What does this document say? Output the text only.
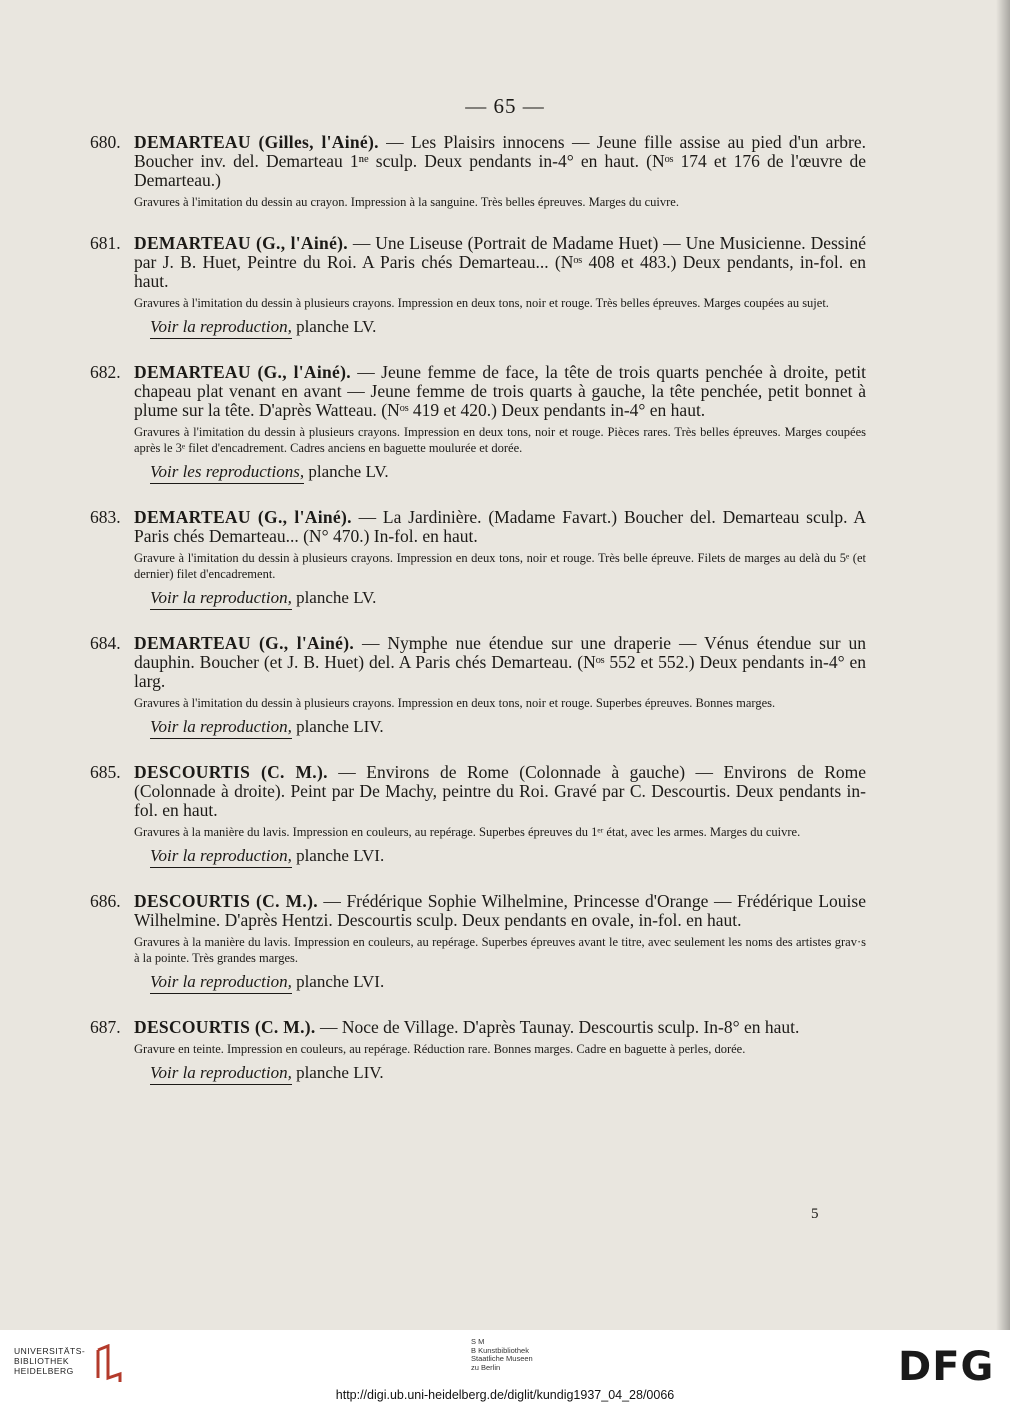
— 65 —

680. DEMARTEAU (Gilles, l'Ainé). — Les Plaisirs innocens — Jeune fille assise au pied d'un arbre. Boucher inv. del. Demarteau 1ⁿᵉ sculp. Deux pendants in-4° en haut. (Nᵒˢ 174 et 176 de l'œuvre de Demarteau.)

Gravures à l'imitation du dessin au crayon. Impression à la sanguine. Très belles épreuves. Marges du cuivre.

681. DEMARTEAU (G., l'Ainé). — Une Liseuse (Portrait de Madame Huet) — Une Musicienne. Dessiné par J. B. Huet, Peintre du Roi. A Paris chés Demarteau... (Nᵒˢ 408 et 483.) Deux pendants, in-fol. en haut.

Gravures à l'imitation du dessin à plusieurs crayons. Impression en deux tons, noir et rouge. Très belles épreuves. Marges coupées au sujet.
Voir la reproduction, planche LV.

682. DEMARTEAU (G., l'Ainé). — Jeune femme de face, la tête de trois quarts penchée à droite, petit chapeau plat venant en avant — Jeune femme de trois quarts à gauche, la tête penchée, petit bonnet à plume sur la tête. D'après Watteau. (Nᵒˢ 419 et 420.) Deux pendants in-4° en haut.

Gravures à l'imitation du dessin à plusieurs crayons. Impression en deux tons, noir et rouge. Pièces rares. Très belles épreuves. Marges coupées après le 3ᵉ filet d'encadrement. Cadres anciens en baguette moulurée et dorée.
Voir les reproductions, planche LV.

683. DEMARTEAU (G., l'Ainé). — La Jardinière. (Madame Favart.) Boucher del. Demarteau sculp. A Paris chés Demarteau... (N° 470.) In-fol. en haut.

Gravure à l'imitation du dessin à plusieurs crayons. Impression en deux tons, noir et rouge. Très belle épreuve. Filets de marges au delà du 5ᵉ (et dernier) filet d'encadrement.
Voir la reproduction, planche LV.

684. DEMARTEAU (G., l'Ainé). — Nymphe nue étendue sur une draperie — Vénus étendue sur un dauphin. Boucher (et J. B. Huet) del. A Paris chés Demarteau. (Nᵒˢ 552 et 552.) Deux pendants in-4° en larg.

Gravures à l'imitation du dessin à plusieurs crayons. Impression en deux tons, noir et rouge. Superbes épreuves. Bonnes marges.
Voir la reproduction, planche LIV.

685. DESCOURTIS (C. M.). — Environs de Rome (Colonnade à gauche) — Environs de Rome (Colonnade à droite). Peint par De Machy, peintre du Roi. Gravé par C. Descourtis. Deux pendants in-fol. en haut.

Gravures à la manière du lavis. Impression en couleurs, au repérage. Superbes épreuves du 1ᵉʳ état, avec les armes. Marges du cuivre.
Voir la reproduction, planche LVI.

686. DESCOURTIS (C. M.). — Frédérique Sophie Wilhelmine, Princesse d'Orange — Frédérique Louise Wilhelmine. D'après Hentzi. Descourtis sculp. Deux pendants en ovale, in-fol. en haut.

Gravures à la manière du lavis. Impression en couleurs, au repérage. Superbes épreuves avant le titre, avec seulement les noms des artistes grav·s à la pointe. Très grandes marges.
Voir la reproduction, planche LVI.

687. DESCOURTIS (C. M.). — Noce de Village. D'après Taunay. Descourtis sculp. In-8° en haut.

Gravure en teinte. Impression en couleurs, au repérage. Réduction rare. Bonnes marges. Cadre en baguette à perles, dorée.
Voir la reproduction, planche LIV.
5
UNIVERSITÄTS-
BIBLIOTHEK
HEIDELBERG
S M
B Kunstbibliothek
Staatliche Museen
zu Berlin	DFG
http://digi.ub.uni-heidelberg.de/diglit/kundig1937_04_28/0066
